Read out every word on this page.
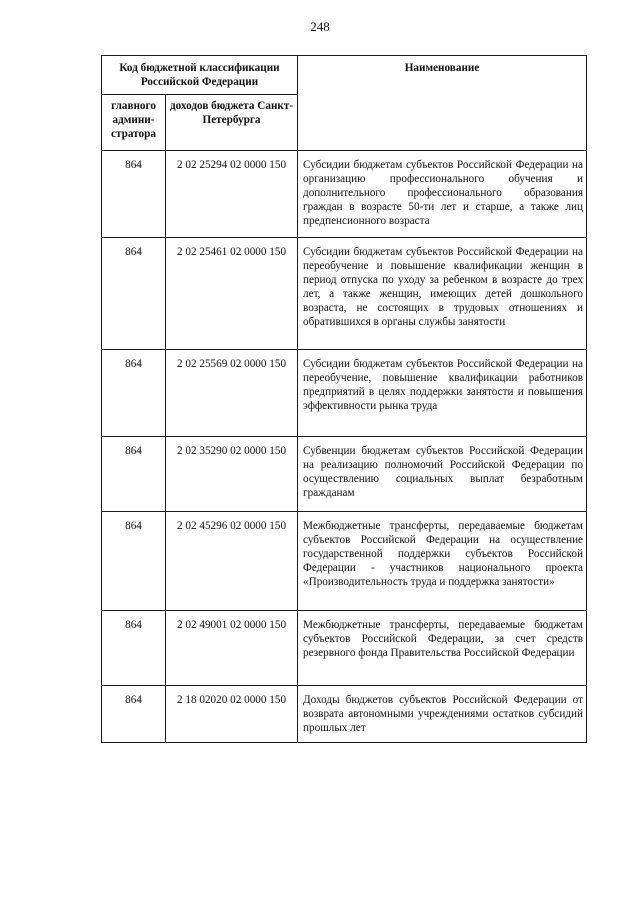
248
Код бюджетной классификации Российской Федерации		Наименование
главного админи-стратора	доходов бюджета Санкт-Петербурга	
864	2 02 25294 02 0000 150	Субсидии бюджетам субъектов Российской Федерации на организацию профессионального обучения и дополнительного профессионального образования граждан в возрасте 50-ти лет и старше, а также лиц предпенсионного возраста
864	2 02 25461 02 0000 150	Субсидии бюджетам субъектов Российской Федерации на переобучение и повышение квалификации женщин в период отпуска по уходу за ребенком в возрасте до трех лет, а также женщин, имеющих детей дошкольного возраста, не состоящих в трудовых отношениях и обратившихся в органы службы занятости
864	2 02 25569 02 0000 150	Субсидии бюджетам субъектов Российской Федерации на переобучение, повышение квалификации работников предприятий в целях поддержки занятости и повышения эффективности рынка труда
864	2 02 35290 02 0000 150	Субвенции бюджетам субъектов Российской Федерации на реализацию полномочий Российской Федерации по осуществлению социальных выплат безработным гражданам
864	2 02 45296 02 0000 150	Межбюджетные трансферты, передаваемые бюджетам субъектов Российской Федерации на осуществление государственной поддержки субъектов Российской Федерации - участников национального проекта «Производительность труда и поддержка занятости»
864	2 02 49001 02 0000 150	Межбюджетные трансферты, передаваемые бюджетам субъектов Российской Федерации, за счет средств резервного фонда Правительства Российской Федерации
864	2 18 02020 02 0000 150	Доходы бюджетов субъектов Российской Федерации от возврата автономными учреждениями остатков субсидий прошлых лет
